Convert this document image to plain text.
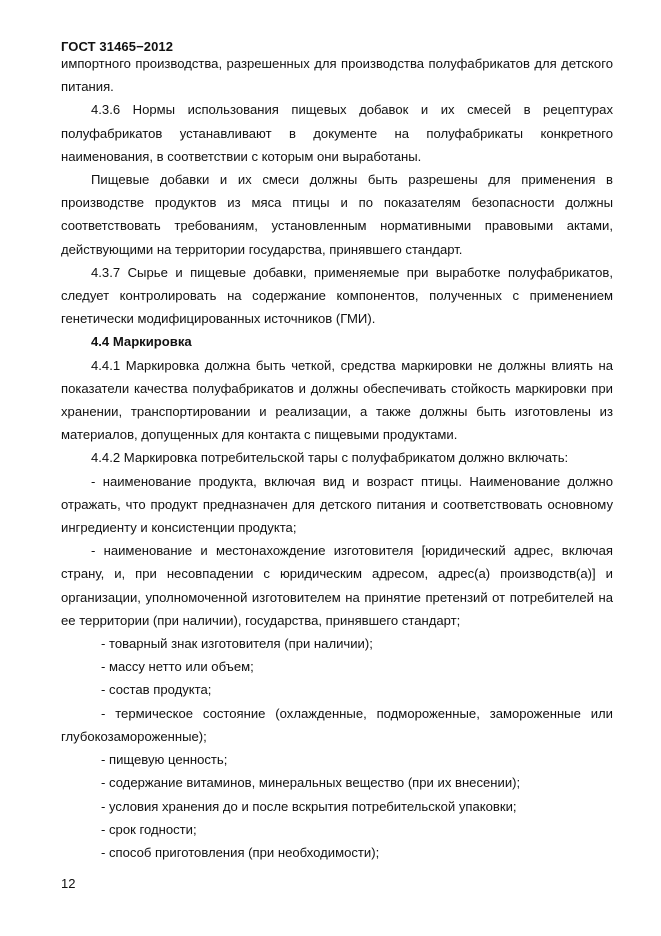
ГОСТ 31465−2012

импортного производства, разрешенных для производства полуфабрикатов для детского питания.

4.3.6 Нормы использования пищевых добавок и их смесей в рецептурах полуфабрикатов устанавливают в документе на полуфабрикаты конкретного наименования, в соответствии с которым они выработаны.

Пищевые добавки и их смеси должны быть разрешены для применения в производстве продуктов из мяса птицы и по показателям безопасности должны соответствовать требованиям, установленным нормативными правовыми актами, действующими на территории государства, принявшего стандарт.

4.3.7 Сырье и пищевые добавки, применяемые при выработке полуфабрикатов, следует контролировать на содержание компонентов, полученных с применением генетически модифицированных источников (ГМИ).

4.4 Маркировка

4.4.1 Маркировка должна быть четкой, средства маркировки не должны влиять на показатели качества полуфабрикатов и должны обеспечивать стойкость маркировки при хранении, транспортировании и реализации, а также должны быть изготовлены из материалов, допущенных для контакта с пищевыми продуктами.

4.4.2 Маркировка потребительской тары с полуфабрикатом должно включать:

- наименование продукта, включая вид и возраст птицы. Наименование должно отражать, что продукт предназначен для детского питания и соответствовать основному ингредиенту и консистенции продукта;

- наименование и местонахождение изготовителя [юридический адрес, включая страну, и, при несовпадении с юридическим адресом, адрес(а) производств(а)] и организации, уполномоченной изготовителем на принятие претензий от потребителей на ее территории (при наличии), государства, принявшего стандарт;

- товарный знак изготовителя (при наличии);

- массу нетто или объем;

- состав продукта;

- термическое состояние (охлажденные, подмороженные, замороженные или глубокозамороженные);

- пищевую ценность;

- содержание витаминов, минеральных вещество (при их внесении);

- условия хранения до и после вскрытия потребительской упаковки;

- срок годности;

- способ приготовления (при необходимости);

12
